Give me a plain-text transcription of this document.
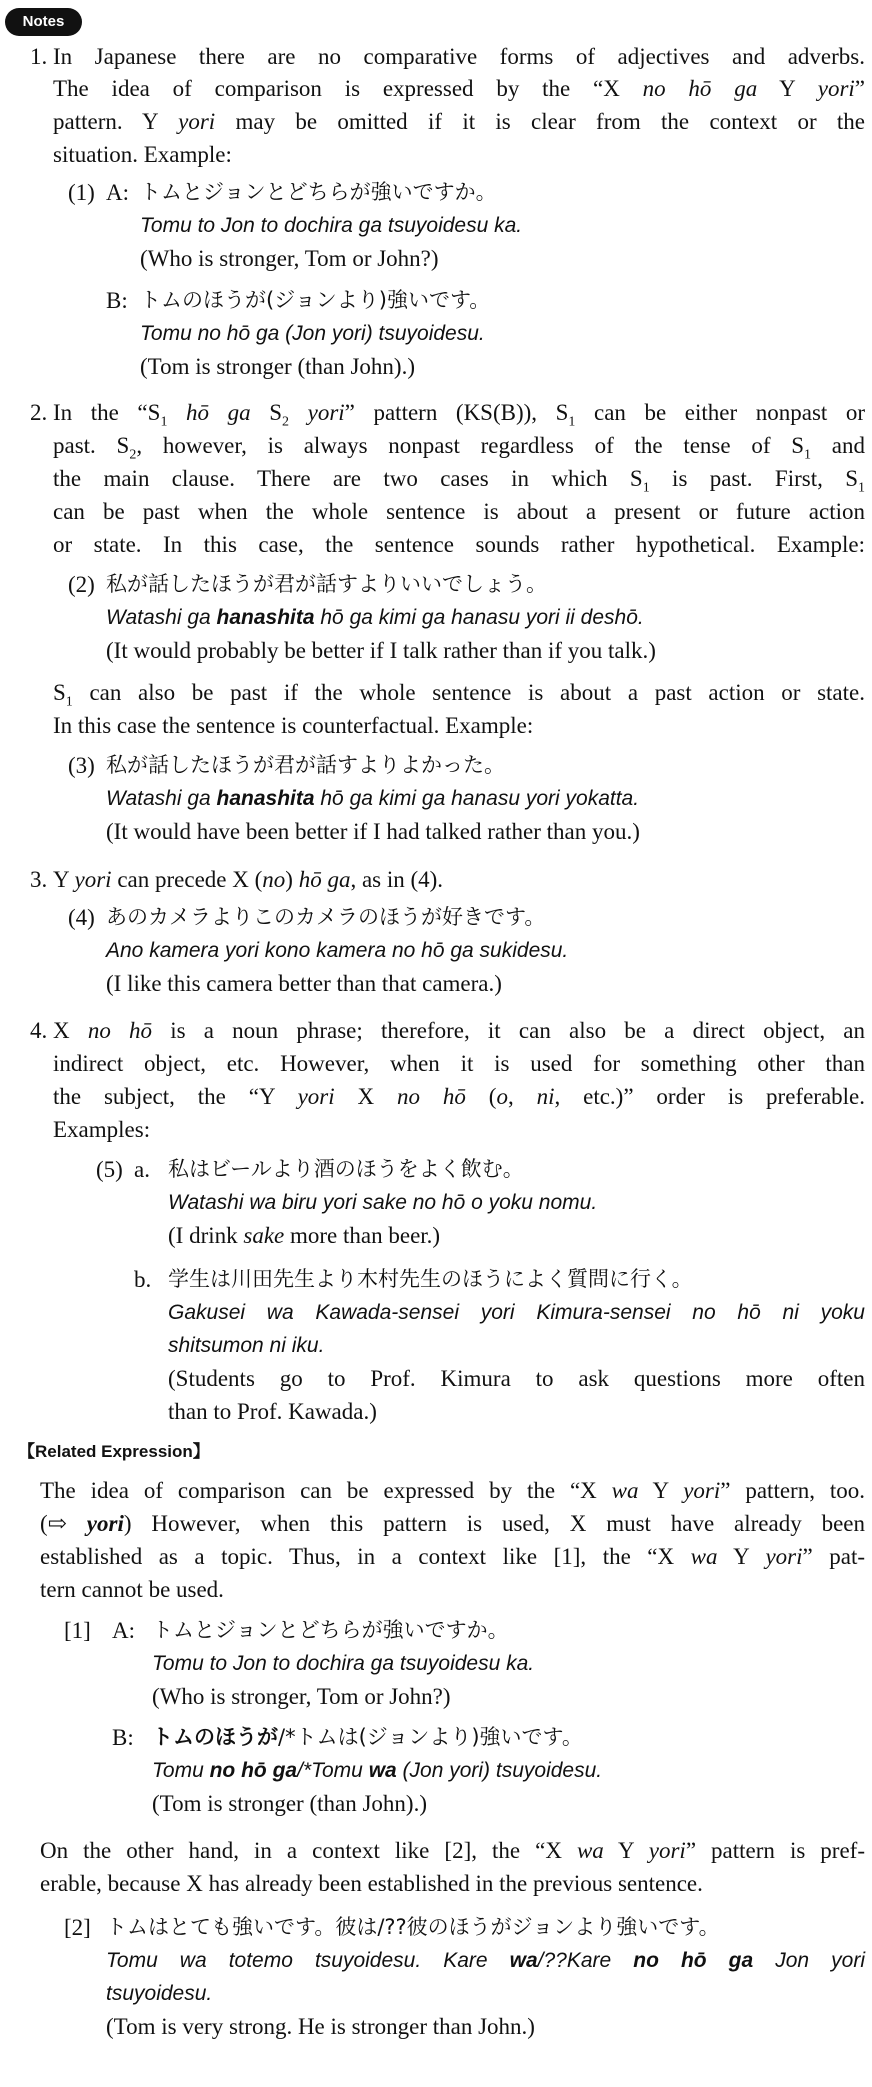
Notes
1. In Japanese there are no comparative forms of adjectives and adverbs.
The idea of comparison is expressed by the “X no hō ga Y yori”
pattern. Y yori may be omitted if it is clear from the context or the
situation. Example:
(1) A: トムとジョンとどちらが強いですか。
Tomu to Jon to dochira ga tsuyoidesu ka.
(Who is stronger, Tom or John?)
B: トムのほうが(ジョンより)強いです。
Tomu no hō ga (Jon yori) tsuyoidesu.
(Tom is stronger (than John).)
2. In the “$S_1$ hō ga $S_2$ yori” pattern (KS(B)), $S_1$ can be either nonpast or
past. $S_2$, however, is always nonpast regardless of the tense of $S_1$ and
the main clause. There are two cases in which $S_1$ is past. First, $S_1$
can be past when the whole sentence is about a present or future action
or state. In this case, the sentence sounds rather hypothetical. Example:
(2) 私が話したほうが君が話すよりいいでしょう。
Watashi ga hanashita hō ga kimi ga hanasu yori ii deshō.
(It would probably be better if I talk rather than if you talk.)
$S_1$ can also be past if the whole sentence is about a past action or state.
In this case the sentence is counterfactual. Example:
(3) 私が話したほうが君が話すよりよかった。
Watashi ga hanashita hō ga kimi ga hanasu yori yokatta.
(It would have been better if I had talked rather than you.)
3. Y yori can precede X (no) hō ga, as in (4).
(4) あのカメラよりこのカメラのほうが好きです。
Ano kamera yori kono kamera no hō ga sukidesu.
(I like this camera better than that camera.)
4. X no hō is a noun phrase; therefore, it can also be a direct object, an
indirect object, etc. However, when it is used for something other than
the subject, the “Y yori X no hō (o, ni, etc.)” order is preferable.
Examples:
(5) a. 私はビールより酒のほうをよく飲む。
Watashi wa biru yori sake no hō o yoku nomu.
(I drink sake more than beer.)
b. 学生は川田先生より木村先生のほうによく質問に行く。
Gakusei wa Kawada-sensei yori Kimura-sensei no hō ni yoku
shitsumon ni iku.
(Students go to Prof. Kimura to ask questions more often
than to Prof. Kawada.)
【Related Expression】
The idea of comparison can be expressed by the “X wa Y yori” pattern, too.
(⇨ yori) However, when this pattern is used, X must have already been
established as a topic. Thus, in a context like [1], the “X wa Y yori” pat-
tern cannot be used.
[1] A: トムとジョンとどちらが強いですか。
Tomu to Jon to dochira ga tsuyoidesu ka.
(Who is stronger, Tom or John?)
B: トムのほうが/*トムは(ジョンより)強いです。
Tomu no hō ga/*Tomu wa (Jon yori) tsuyoidesu.
(Tom is stronger (than John).)
On the other hand, in a context like [2], the “X wa Y yori” pattern is pref-
erable, because X has already been established in the previous sentence.
[2] トムはとても強いです。彼は/??彼のほうがジョンより強いです。
Tomu wa totemo tsuyoidesu. Kare wa/??Kare no hō ga Jon yori
tsuyoidesu.
(Tom is very strong. He is stronger than John.)
